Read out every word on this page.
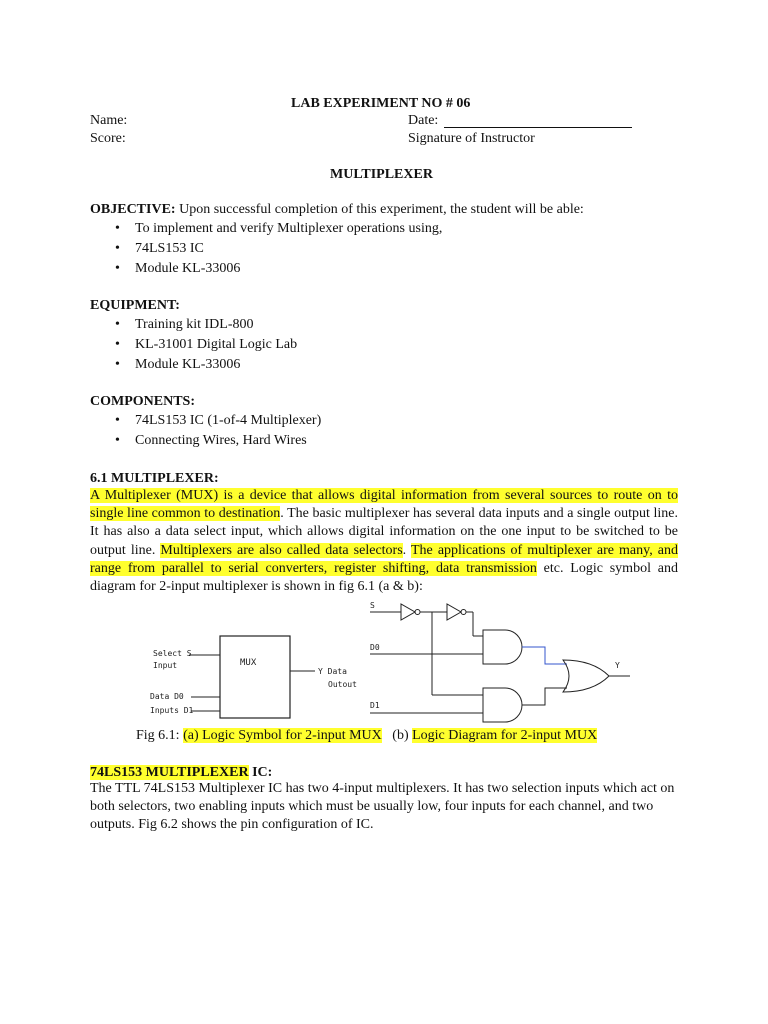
LAB EXPERIMENT NO # 06
Name:	Date:
Score:	Signature of Instructor
MULTIPLEXER
OBJECTIVE: Upon successful completion of this experiment, the student will be able:
• To implement and verify Multiplexer operations using,
• 74LS153 IC
• Module KL-33006
EQUIPMENT:
• Training kit IDL-800
• KL-31001 Digital Logic Lab
• Module KL-33006
COMPONENTS:
• 74LS153 IC (1-of-4 Multiplexer)
• Connecting Wires, Hard Wires
6.1 MULTIPLEXER:

A Multiplexer (MUX) is a device that allows digital information from several sources to route on to single line common to destination. The basic multiplexer has several data inputs and a single output line. It has also a data select input, which allows digital information on the one input to be switched to be output line. Multiplexers are also called data selectors. The applications of multiplexer are many, and range from parallel to serial converters, register shifting, data transmission etc. Logic symbol and diagram for 2-input multiplexer is shown in fig 6.1 (a & b):

MUX
Select S
Input
Data D0
Inputs D1
Y Data
Outout
S
D0
D1
Y
Fig 6.1: (a) Logic Symbol for 2-input MUX (b) Logic Diagram for 2-input MUX
74LS153 MULTIPLEXER IC:

The TTL 74LS153 Multiplexer IC has two 4-input multiplexers. It has two selection inputs which act on both selectors, two enabling inputs which must be usually low, four inputs for each channel, and two outputs. Fig 6.2 shows the pin configuration of IC.
